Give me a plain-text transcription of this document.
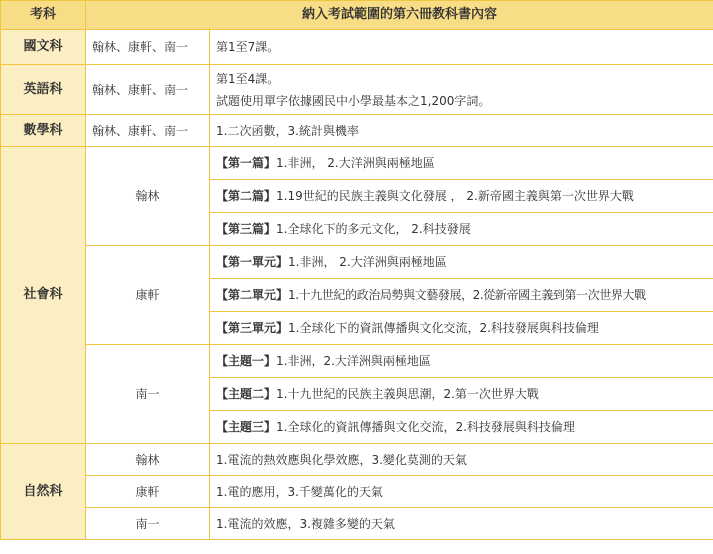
考科	納入考試範圍的第六冊教科書內容	
國文科	翰林、康軒、南一	第1至7課。
英語科	翰林、康軒、南一	第1至4課。
試題使用單字依據國民中小學最基本之1,200字詞。

數學科	翰林、康軒、南一	1.二次函數，3.統計與機率
社會科	翰林	【第一篇】1.非洲， 2.大洋洲與兩極地區
		【第二篇】1.19世紀的民族主義與文化發展 ， 2.新帝國主義與第一次世界大戰
		【第三篇】1.全球化下的多元文化， 2.科技發展
	康軒	【第一單元】1.非洲， 2.大洋洲與兩極地區
		【第二單元】1.十九世紀的政治局勢與文藝發展，2.從新帝國主義到第一次世界大戰
		【第三單元】1.全球化下的資訊傳播與文化交流，2.科技發展與科技倫理
	南一	【主題一】1.非洲，2.大洋洲與兩極地區
		【主題二】1.十九世紀的民族主義與思潮，2.第一次世界大戰
		【主題三】1.全球化的資訊傳播與文化交流，2.科技發展與科技倫理
自然科	翰林	1.電流的熱效應與化學效應，3.變化莫測的天氣
	康軒	1.電的應用，3.千變萬化的天氣
	南一	1.電流的效應，3.複雜多變的天氣
